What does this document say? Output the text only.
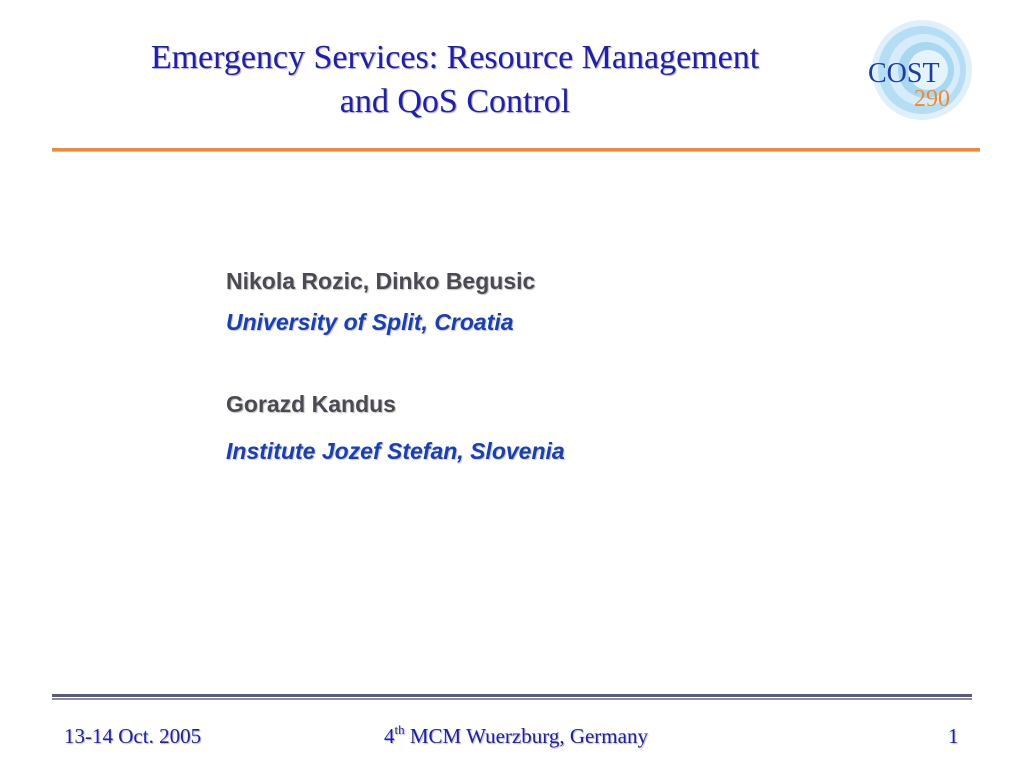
Emergency Services: Resource Management
and QoS Control
COST
290
Nikola Rozic, Dinko Begusic
University of Split, Croatia
Gorazd Kandus
Institute Jozef Stefan, Slovenia
13-14 Oct. 2005	4th MCM Wuerzburg, Germany	1
